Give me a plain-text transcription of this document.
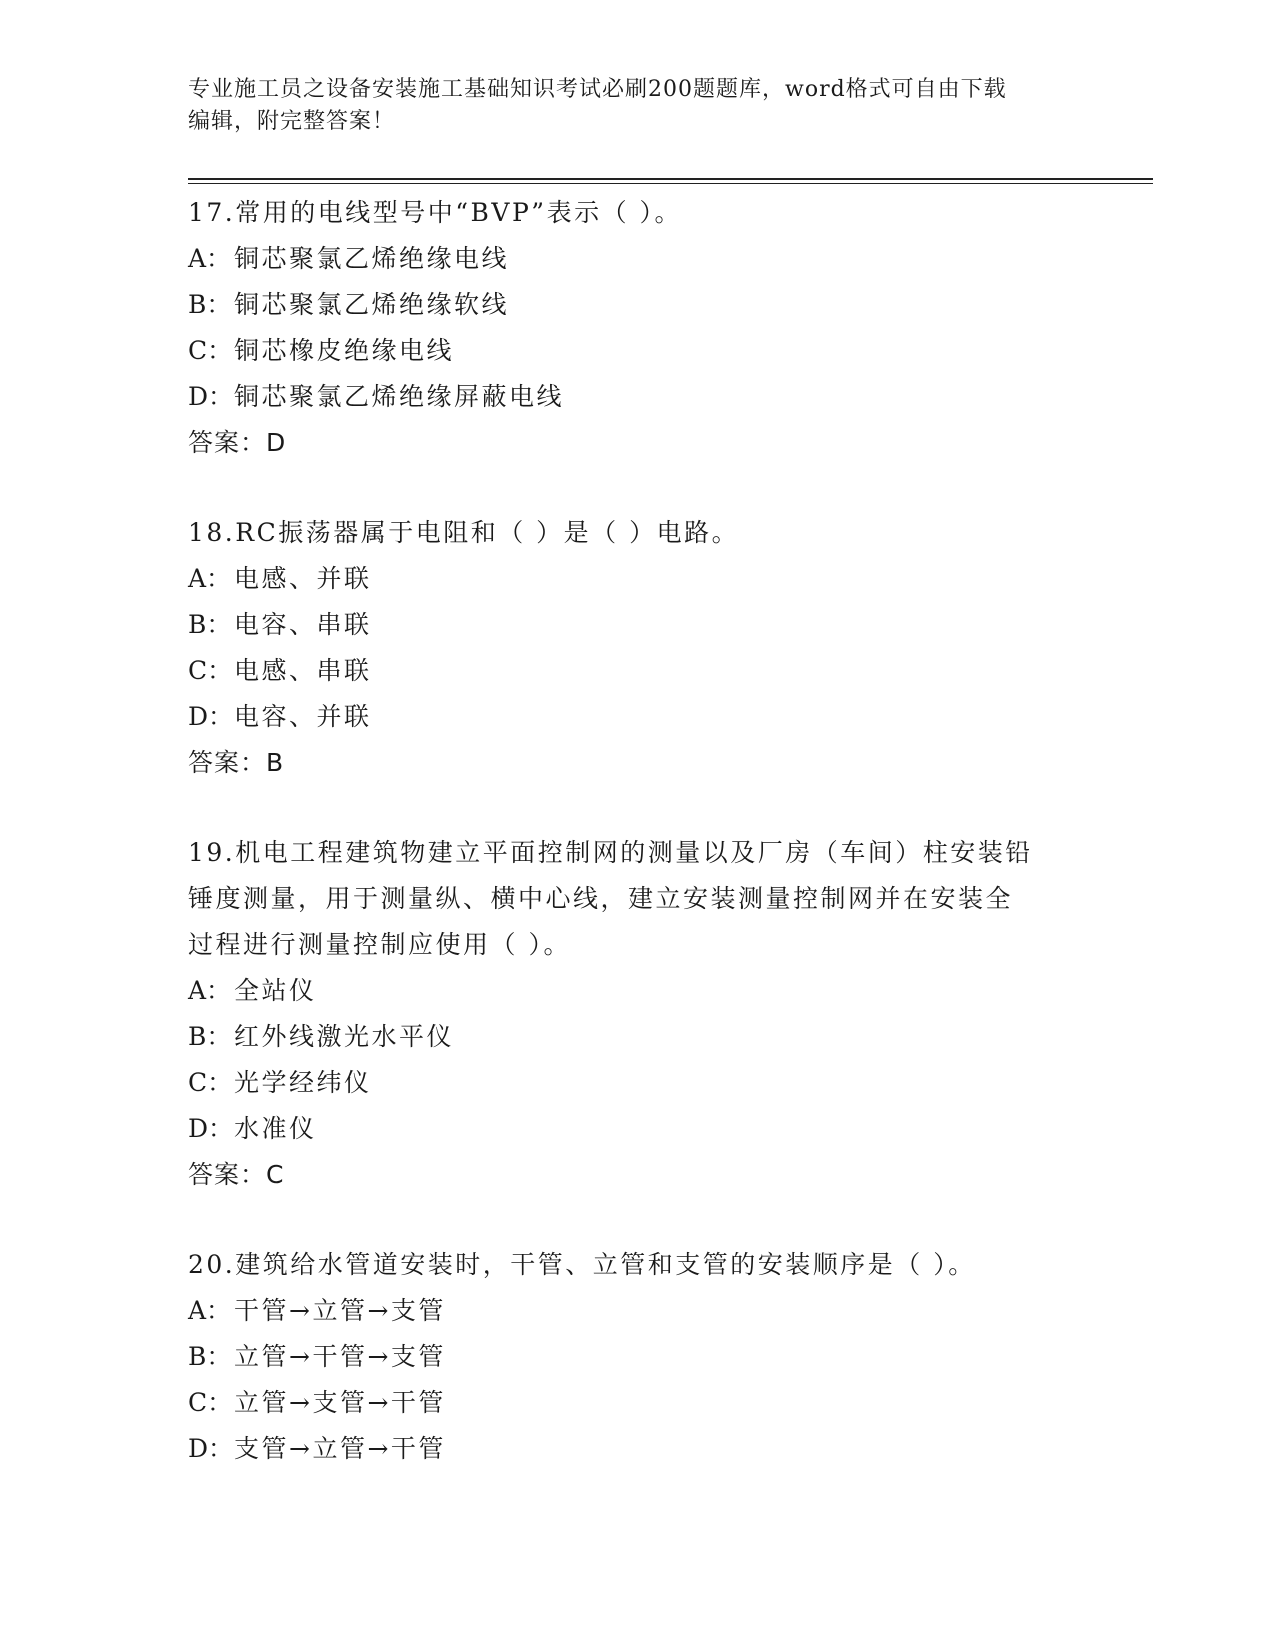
专业施工员之设备安装施工基础知识考试必刷200题题库，word格式可自由下载
编辑，附完整答案！
17.常用的电线型号中“BVP”表示（ ）。
A： 铜芯聚氯乙烯绝缘电线
B： 铜芯聚氯乙烯绝缘软线
C：铜芯橡皮绝缘电线
D：铜芯聚氯乙烯绝缘屏蔽电线
答案：D
18.RC振荡器属于电阻和（ ）是（ ）电路。
A： 电感、并联
B： 电容、串联
C：电感、串联
D：电容、并联
答案：B
19.机电工程建筑物建立平面控制网的测量以及厂房（车间）柱安装铅
锤度测量，用于测量纵、横中心线，建立安装测量控制网并在安装全
过程进行测量控制应使用（ ）。
A： 全站仪
B： 红外线激光水平仪
C：光学经纬仪
D：水准仪
答案：C
20.建筑给水管道安装时，干管、立管和支管的安装顺序是（ ）。
A： 干管→立管→支管
B： 立管→干管→支管
C：立管→支管→干管
D：支管→立管→干管
